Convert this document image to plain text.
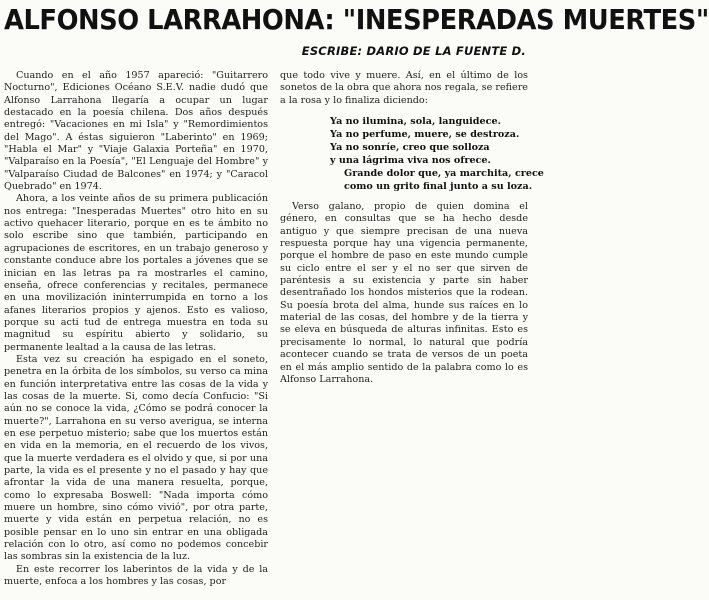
ALFONSO LARRAHONA: "INESPERADAS MUERTES"
ESCRIBE: DARIO DE LA FUENTE D.

Cuando en el año 1957 apareció: "Guitarrero Nocturno", Ediciones Océano S.E.V. nadie dudó que Alfonso Larrahona llegaría a ocupar un lugar destacado en la poesía chilena. Dos años después entregó: "Vacaciones en mi Isla" y "Remordimientos del Mago". A éstas siguieron "Laberinto" en 1969; "Habla el Mar" y "Viaje Galaxia Porteña" en 1970, "Valparaíso en la Poesía", "El Lenguaje del Hombre" y "Valparaíso Ciudad de Balcones" en 1974; y "Caracol Quebrado" en 1974.

Ahora, a los veinte años de su primera publicación nos entrega: "Inesperadas Muertes" otro hito en su activo quehacer literario, porque en es te ámbito no solo escribe sino que también, participando en agrupaciones de escritores, en un trabajo generoso y constante conduce abre los portales a jóvenes que se inician en las letras pa ra mostrarles el camino, enseña, ofrece conferencias y recitales, permanece en una movilización ininterrumpida en torno a los afanes literarios propios y ajenos. Esto es valioso, porque su acti tud de entrega muestra en toda su magnitud su espíritu abierto y solidario, su permanente lealtad a la causa de las letras.

Esta vez su creación ha espigado en el soneto, penetra en la órbita de los símbolos, su verso ca mina en función interpretativa entre las cosas de la vida y las cosas de la muerte. Si, como decía Confucio: "Si aún no se conoce la vida, ¿Cómo se podrá conocer la muerte?", Larrahona en su verso averigua, se interna en ese perpetuo misterio; sabe que los muertos están en vida en la memoria, en el recuerdo de los vivos, que la muerte verdadera es el olvido y que, si por una parte, la vida es el presente y no el pasado y hay que afrontar la vida de una manera resuelta, porque, como lo expresaba Boswell: "Nada importa cómo muere un hombre, sino cómo vivió", por otra parte, muerte y vida están en perpetua relación, no es posible pensar en lo uno sin entrar en una obligada relación con lo otro, así como no podemos concebir las sombras sin la existencia de la luz.

En este recorrer los laberintos de la vida y de la muerte, enfoca a los hombres y las cosas, por

que todo vive y muere. Así, en el último de los sonetos de la obra que ahora nos regala, se refiere a la rosa y lo finaliza diciendo:

Ya no ilumina, sola, languidece.
Ya no perfume, muere, se destroza.
Ya no sonríe, creo que solloza
y una lágrima viva nos ofrece.
Grande dolor que, ya marchita, crece
como un grito final junto a su loza.

Verso galano, propio de quien domina el género, en consultas que se ha hecho desde antiguo y que siempre precisan de una nueva respuesta porque hay una vigencia permanente, porque el hombre de paso en este mundo cumple su ciclo entre el ser y el no ser que sirven de paréntesis a su existencia y parte sin haber desentrañado los hondos misterios que la rodean. Su poesía brota del alma, hunde sus raíces en lo material de las cosas, del hombre y de la tierra y se eleva en búsqueda de alturas infinitas. Esto es precisamente lo normal, lo natural que podría acontecer cuando se trata de versos de un poeta en el más amplio sentido de la palabra como lo es Alfonso Larrahona.
